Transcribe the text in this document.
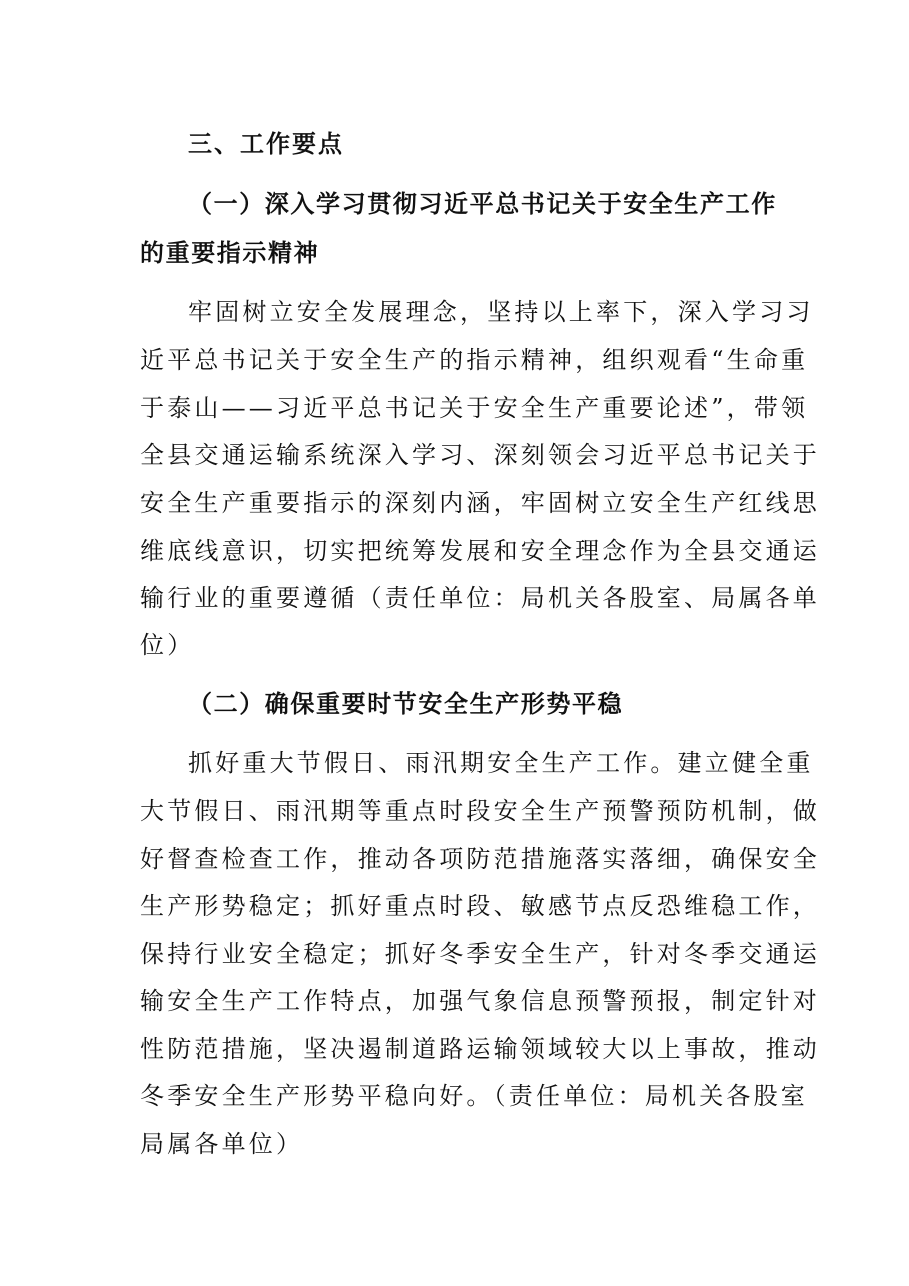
三、工作要点
（一）深入学习贯彻习近平总书记关于安全生产工作
的重要指示精神
牢固树立安全发展理念，坚持以上率下，深入学习习
近平总书记关于安全生产的指示精神，组织观看“生命重
于泰山——习近平总书记关于安全生产重要论述”，带领
全县交通运输系统深入学习、深刻领会习近平总书记关于
安全生产重要指示的深刻内涵，牢固树立安全生产红线思
维底线意识，切实把统筹发展和安全理念作为全县交通运
输行业的重要遵循（责任单位：局机关各股室、局属各单
位）
（二）确保重要时节安全生产形势平稳
抓好重大节假日、雨汛期安全生产工作。建立健全重
大节假日、雨汛期等重点时段安全生产预警预防机制，做
好督查检查工作，推动各项防范措施落实落细，确保安全
生产形势稳定；抓好重点时段、敏感节点反恐维稳工作，
保持行业安全稳定；抓好冬季安全生产，针对冬季交通运
输安全生产工作特点，加强气象信息预警预报，制定针对
性防范措施，坚决遏制道路运输领域较大以上事故，推动
冬季安全生产形势平稳向好。（责任单位：局机关各股室
局属各单位）
